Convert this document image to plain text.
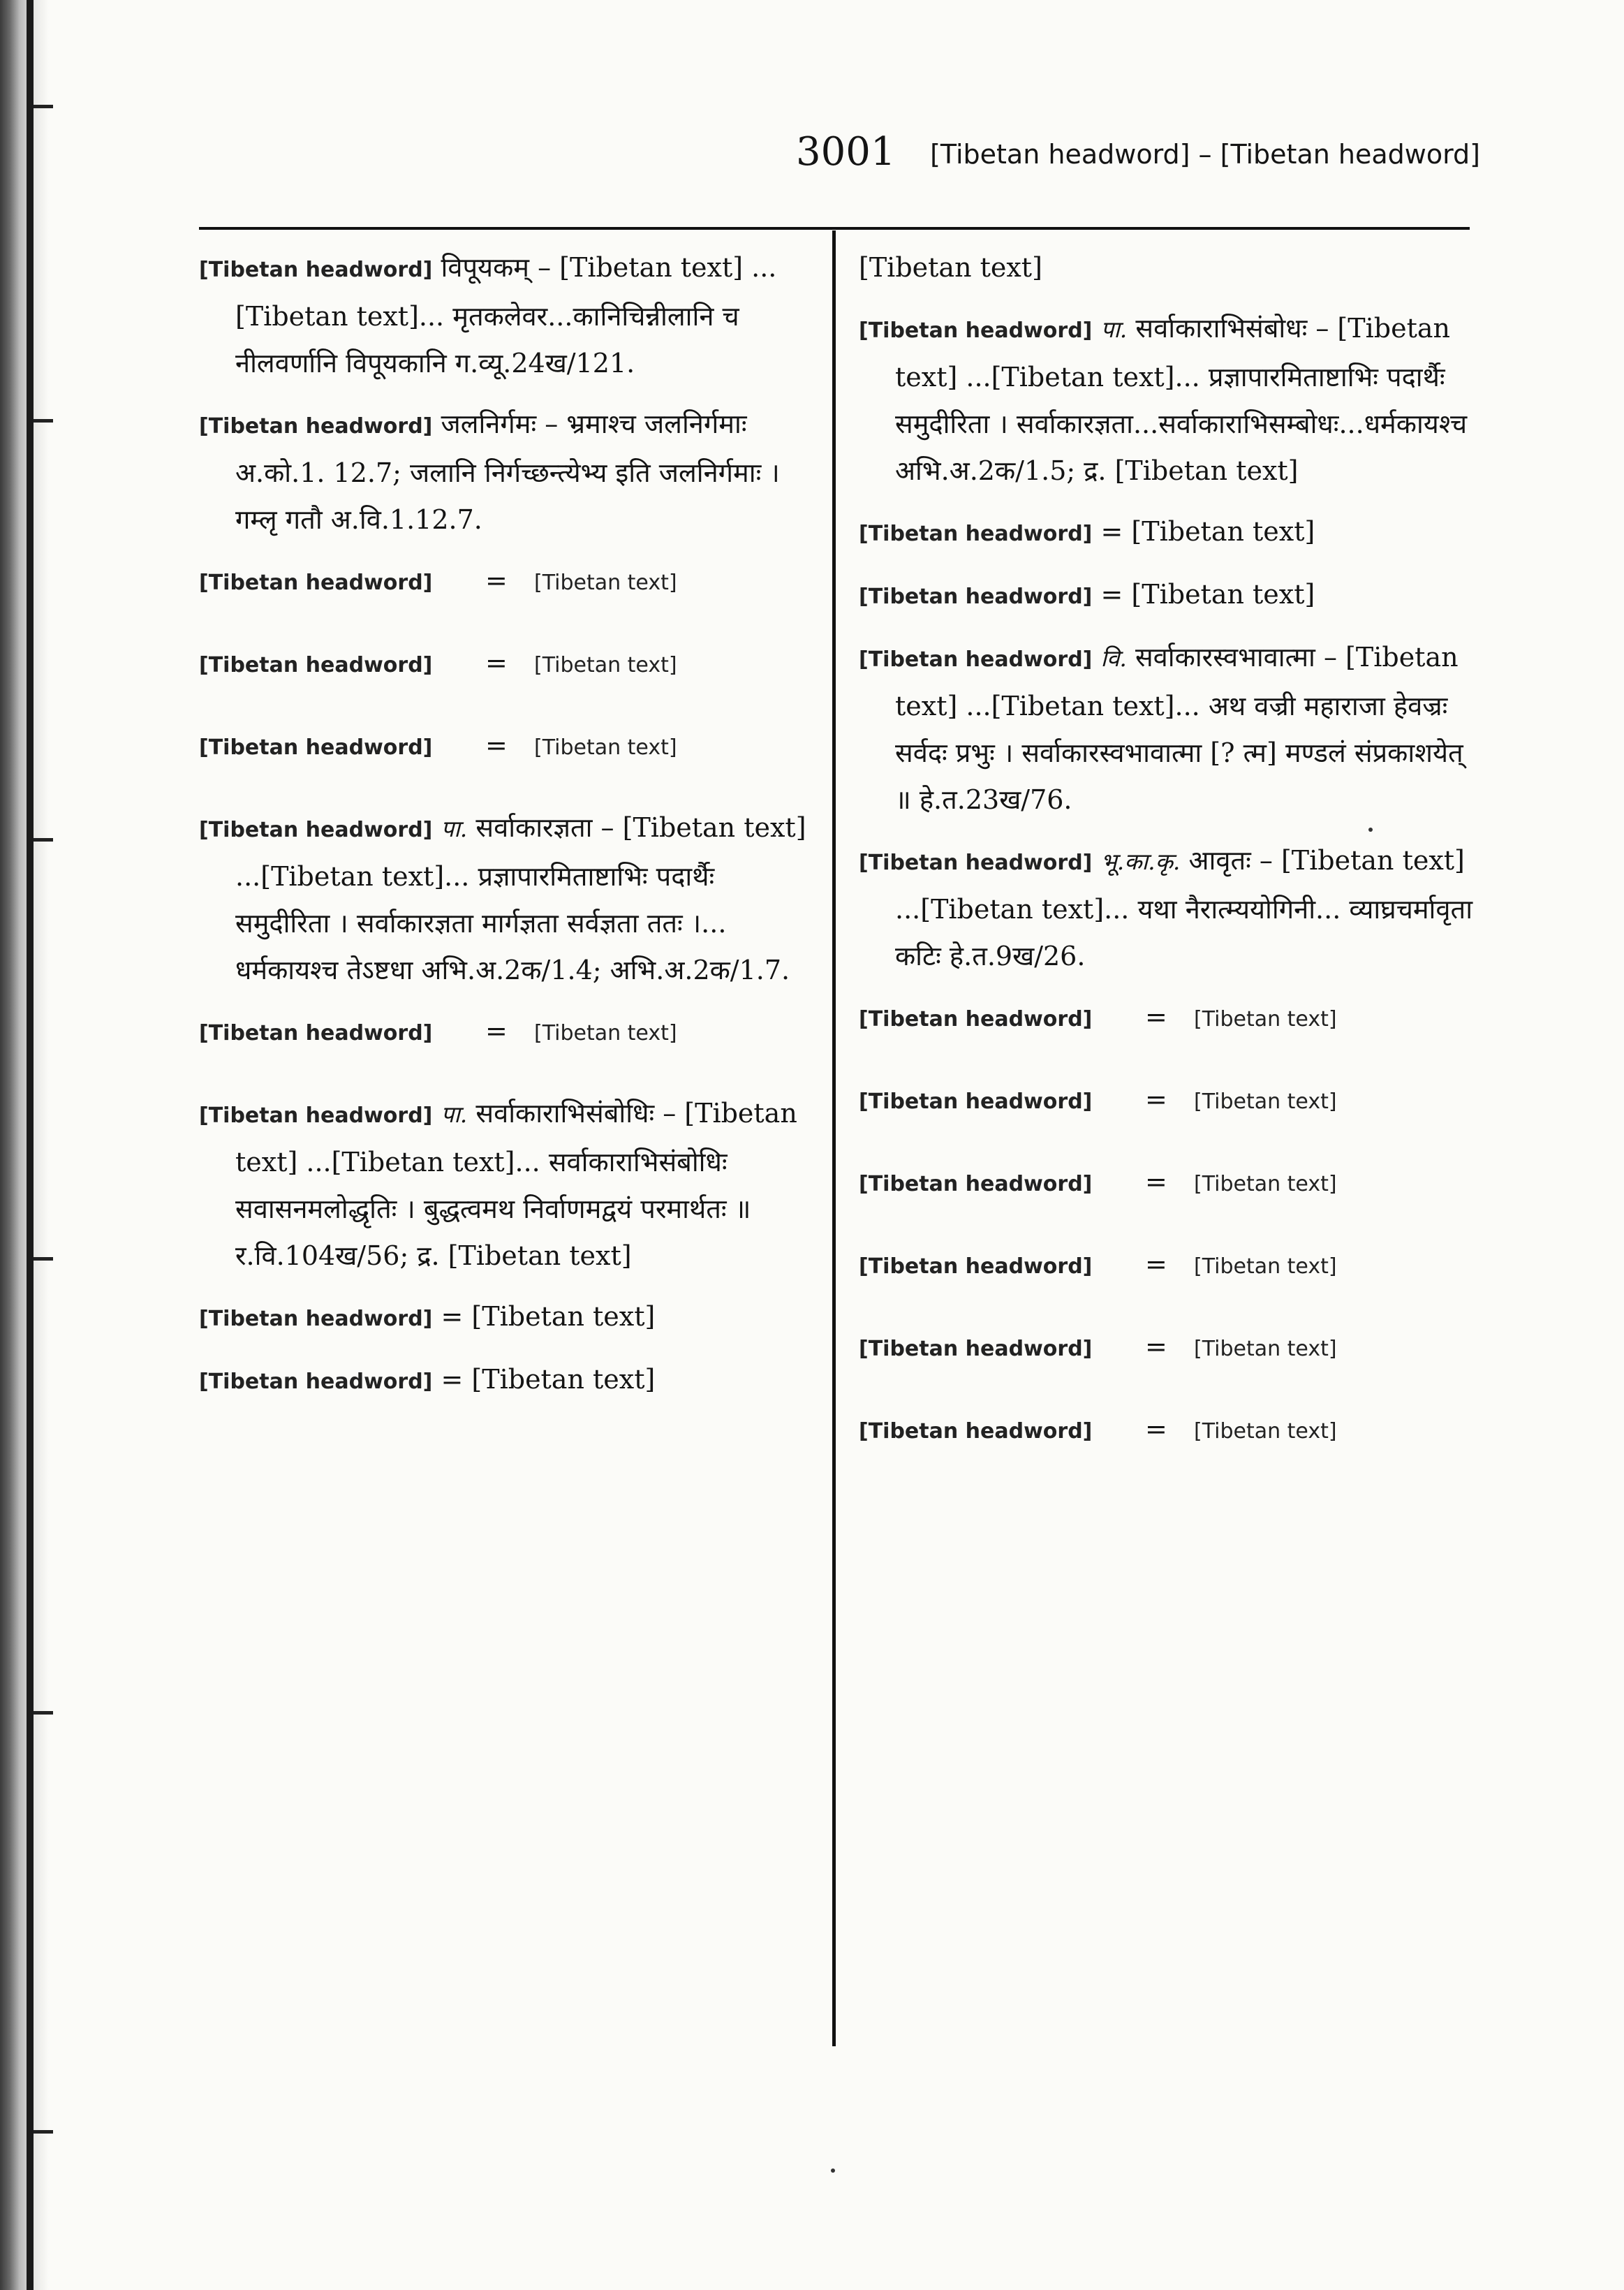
3001 [Tibetan headword] – [Tibetan headword]

[Tibetan headword] विपूयकम् – [Tibetan text] ...[Tibetan text]... मृतकलेवर...कानिचिन्नीलानि च नीलवर्णानि विपूयकानि ग.व्यू.24ख/121.

[Tibetan headword] जलनिर्गमः – भ्रमाश्च जलनिर्गमाः अ.को.1. 12.7; जलानि निर्गच्छन्त्येभ्य इति जलनिर्गमाः । गम्लृ गतौ अ.वि.1.12.7.

[Tibetan headword]	=	[Tibetan text]
[Tibetan headword]	=	[Tibetan text]
[Tibetan headword]	=	[Tibetan text]

[Tibetan headword] पा. सर्वाकारज्ञता – [Tibetan text] ...[Tibetan text]... प्रज्ञापारमिताष्टाभिः पदार्थैः समुदीरिता । सर्वाकारज्ञता मार्गज्ञता सर्वज्ञता ततः ।... धर्मकायश्च तेऽष्टधा अभि.अ.2क/1.4; अभि.अ.2क/1.7.

[Tibetan headword]	=	[Tibetan text]

[Tibetan headword] पा. सर्वाकाराभिसंबोधिः – [Tibetan text] ...[Tibetan text]... सर्वाकाराभिसंबोधिः सवासनमलोद्धृतिः । बुद्धत्वमथ निर्वाणमद्वयं परमार्थतः ॥ र.वि.104ख/56; द्र. [Tibetan text]

[Tibetan headword] = [Tibetan text]

[Tibetan headword] = [Tibetan text]

[Tibetan text]

[Tibetan headword] पा. सर्वाकाराभिसंबोधः – [Tibetan text] ...[Tibetan text]... प्रज्ञापारमिताष्टाभिः पदार्थैः समुदीरिता । सर्वाकारज्ञता...सर्वाकाराभिसम्बोधः...धर्मकायश्च अभि.अ.2क/1.5; द्र. [Tibetan text]

[Tibetan headword] = [Tibetan text]

[Tibetan headword] = [Tibetan text]

[Tibetan headword] वि. सर्वाकारस्वभावात्मा – [Tibetan text] ...[Tibetan text]... अथ वज्री महाराजा हेवज्रः सर्वदः प्रभुः । सर्वाकारस्वभावात्मा [? त्म] मण्डलं संप्रकाशयेत् ॥ हे.त.23ख/76.

[Tibetan headword] भू.का.कृ. आवृतः – [Tibetan text] ...[Tibetan text]... यथा नैरात्म्ययोगिनी... व्याघ्रचर्मावृता कटिः हे.त.9ख/26.

[Tibetan headword]	=	[Tibetan text]
[Tibetan headword]	=	[Tibetan text]
[Tibetan headword]	=	[Tibetan text]
[Tibetan headword]	=	[Tibetan text]
[Tibetan headword]	=	[Tibetan text]
[Tibetan headword]	=	[Tibetan text]
